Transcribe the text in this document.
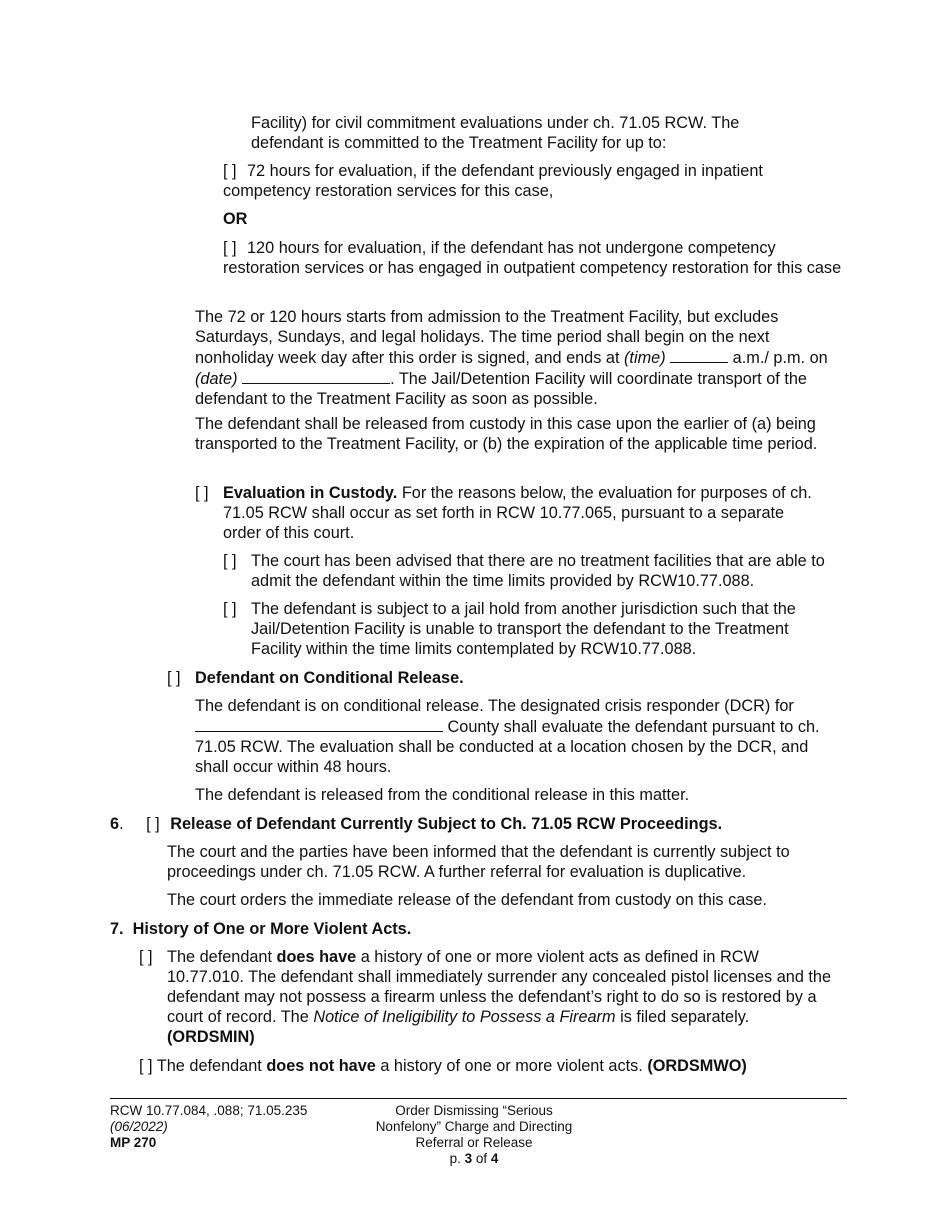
Facility) for civil commitment evaluations under ch. 71.05 RCW. The
defendant is committed to the Treatment Facility for up to:
[ ] 72 hours for evaluation, if the defendant previously engaged in inpatient competency restoration services for this case,
OR
[ ] 120 hours for evaluation, if the defendant has not undergone competency restoration services or has engaged in outpatient competency restoration for this case
The 72 or 120 hours starts from admission to the Treatment Facility, but excludes Saturdays, Sundays, and legal holidays. The time period shall begin on the next nonholiday week day after this order is signed, and ends at (time)	a.m./ p.m. on (date)	. The Jail/Detention Facility will coordinate transport of the defendant to the Treatment Facility as soon as possible.
The defendant shall be released from custody in this case upon the earlier of (a) being transported to the Treatment Facility, or (b) the expiration of the applicable time period.
[ ] Evaluation in Custody. For the reasons below, the evaluation for purposes of ch. 71.05 RCW shall occur as set forth in RCW 10.77.065, pursuant to a separate order of this court.
[ ] The court has been advised that there are no treatment facilities that are able to admit the defendant within the time limits provided by RCW10.77.088.
[ ] The defendant is subject to a jail hold from another jurisdiction such that the Jail/Detention Facility is unable to transport the defendant to the Treatment Facility within the time limits contemplated by RCW10.77.088.
[ ] Defendant on Conditional Release.
The defendant is on conditional release. The designated crisis responder (DCR) for
County shall evaluate the defendant pursuant to ch. 71.05 RCW. The evaluation shall be conducted at a location chosen by the DCR, and shall occur within 48 hours.
The defendant is released from the conditional release in this matter.
6. [ ] Release of Defendant Currently Subject to Ch. 71.05 RCW Proceedings.
The court and the parties have been informed that the defendant is currently subject to proceedings under ch. 71.05 RCW. A further referral for evaluation is duplicative.
The court orders the immediate release of the defendant from custody on this case.
7.  History of One or More Violent Acts.
[ ] The defendant does have a history of one or more violent acts as defined in RCW 10.77.010. The defendant shall immediately surrender any concealed pistol licenses and the defendant may not possess a firearm unless the defendant’s right to do so is restored by a court of record. The Notice of Ineligibility to Possess a Firearm is filed separately. (ORDSMIN)
[ ] The defendant does not have a history of one or more violent acts. (ORDSMWO)
RCW 10.77.084, .088; 71.05.235
(06/2022)
MP 270
Order Dismissing “Serious
Nonfelony” Charge and Directing
Referral or Release
p. 3 of 4
